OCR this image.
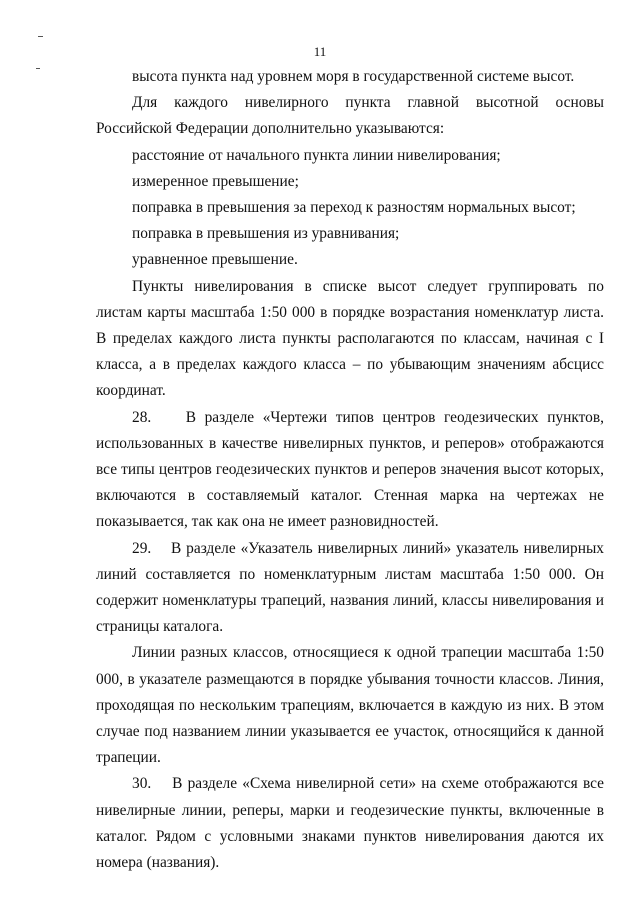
11

высота пункта над уровнем моря в государственной системе высот.

Для каждого нивелирного пункта главной высотной основы Российской Федерации дополнительно указываются:

расстояние от начального пункта линии нивелирования;

измеренное превышение;

поправка в превышения за переход к разностям нормальных высот;

поправка в превышения из уравнивания;

уравненное превышение.

Пункты нивелирования в списке высот следует группировать по листам карты масштаба 1:50 000 в порядке возрастания номенклатур листа. В пределах каждого листа пункты располагаются по классам, начиная с I класса, а в пределах каждого класса – по убывающим значениям абсцисс координат.

28.    В разделе «Чертежи типов центров геодезических пунктов, использованных в качестве нивелирных пунктов, и реперов» отображаются все типы центров геодезических пунктов и реперов значения высот которых, включаются в составляемый каталог. Стенная марка на чертежах не показывается, так как она не имеет разновидностей.

29.    В разделе «Указатель нивелирных линий» указатель нивелирных линий составляется по номенклатурным листам масштаба 1:50 000. Он содержит номенклатуры трапеций, названия линий, классы нивелирования и страницы каталога.

Линии разных классов, относящиеся к одной трапеции масштаба 1:50 000, в указателе размещаются в порядке убывания точности классов. Линия, проходящая по нескольким трапециям, включается в каждую из них. В этом случае под названием линии указывается ее участок, относящийся к данной трапеции.

30.    В разделе «Схема нивелирной сети» на схеме отображаются все нивелирные линии, реперы, марки и геодезические пункты, включенные в каталог. Рядом с условными знаками пунктов нивелирования даются их номера (названия).
